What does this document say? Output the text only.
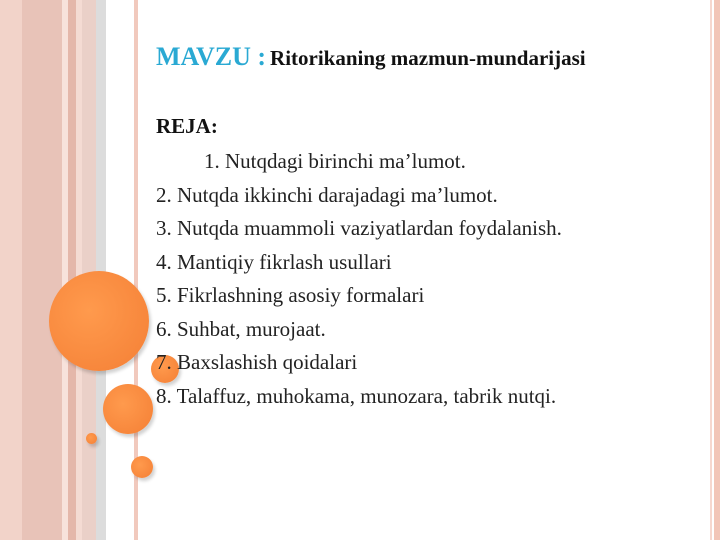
MAVZU : Ritorikaning mazmun-mundarijasi
REJA:
1. Nutqdagi birinchi ma’lumot.
2. Nutqda ikkinchi darajadagi ma’lumot.
3. Nutqda muammoli vaziyatlardan foydalanish.
4. Mantiqiy fikrlash usullari
5. Fikrlashning asosiy formalari
6. Suhbat, murojaat.
7. Baxslashish qoidalari
8. Talaffuz, muhokama, munozara, tabrik nutqi.
